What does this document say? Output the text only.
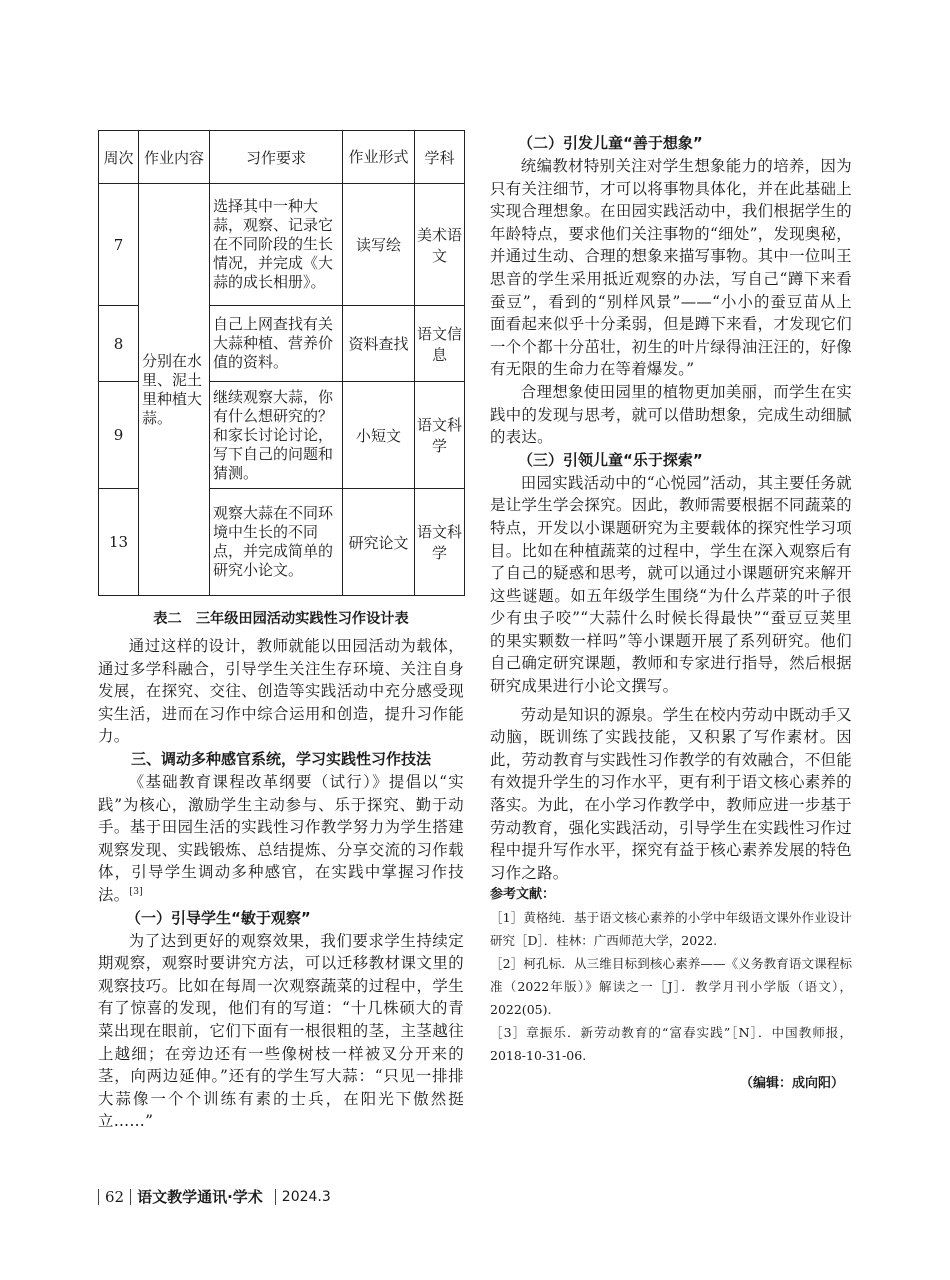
周次	作业内容	习作要求	作业形式	学科
7	分别在水里、泥土里种植大蒜。	选择其中一种大蒜，观察、记录它在不同阶段的生长情况，并完成《大蒜的成长相册》。	读写绘	美术语文
8		自己上网查找有关大蒜种植、营养价值的资料。	资料查找	语文信息
9		继续观察大蒜，你有什么想研究的？和家长讨论讨论，写下自己的问题和猜测。	小短文	语文科学
13		观察大蒜在不同环境中生长的不同点，并完成简单的研究小论文。	研究论文	语文科学
表二　三年级田园活动实践性习作设计表

通过这样的设计，教师就能以田园活动为载体，通过多学科融合，引导学生关注生存环境、关注自身发展，在探究、交往、创造等实践活动中充分感受现实生活，进而在习作中综合运用和创造，提升习作能力。

三、调动多种感官系统，学习实践性习作技法

《基础教育课程改革纲要（试行）》提倡以“实践”为核心，激励学生主动参与、乐于探究、勤于动手。基于田园生活的实践性习作教学努力为学生搭建观察发现、实践锻炼、总结提炼、分享交流的习作载体，引导学生调动多种感官，在实践中掌握习作技法。[3]

（一）引导学生“敏于观察”

为了达到更好的观察效果，我们要求学生持续定期观察，观察时要讲究方法，可以迁移教材课文里的观察技巧。比如在每周一次观察蔬菜的过程中，学生有了惊喜的发现，他们有的写道：“十几株硕大的青菜出现在眼前，它们下面有一根很粗的茎，主茎越往上越细；在旁边还有一些像树枝一样被叉分开来的茎，向两边延伸。”还有的学生写大蒜：“只见一排排大蒜像一个个训练有素的士兵，在阳光下傲然挺立……”

（二）引发儿童“善于想象”

统编教材特别关注对学生想象能力的培养，因为只有关注细节，才可以将事物具体化，并在此基础上实现合理想象。在田园实践活动中，我们根据学生的年龄特点，要求他们关注事物的“细处”，发现奥秘，并通过生动、合理的想象来描写事物。其中一位叫王思音的学生采用抵近观察的办法，写自己“蹲下来看蚕豆”，看到的“别样风景”——“小小的蚕豆苗从上面看起来似乎十分柔弱，但是蹲下来看，才发现它们一个个都十分茁壮，初生的叶片绿得油汪汪的，好像有无限的生命力在等着爆发。”

合理想象使田园里的植物更加美丽，而学生在实践中的发现与思考，就可以借助想象，完成生动细腻的表达。

（三）引领儿童“乐于探索”

田园实践活动中的“心悦园”活动，其主要任务就是让学生学会探究。因此，教师需要根据不同蔬菜的特点，开发以小课题研究为主要载体的探究性学习项目。比如在种植蔬菜的过程中，学生在深入观察后有了自己的疑惑和思考，就可以通过小课题研究来解开这些谜题。如五年级学生围绕“为什么芹菜的叶子很少有虫子咬”“大蒜什么时候长得最快”“蚕豆豆荚里的果实颗数一样吗”等小课题开展了系列研究。他们自己确定研究课题，教师和专家进行指导，然后根据研究成果进行小论文撰写。

劳动是知识的源泉。学生在校内劳动中既动手又动脑，既训练了实践技能，又积累了写作素材。因此，劳动教育与实践性习作教学的有效融合，不但能有效提升学生的习作水平，更有利于语文核心素养的落实。为此，在小学习作教学中，教师应进一步基于劳动教育，强化实践活动，引导学生在实践性习作过程中提升写作水平，探究有益于核心素养发展的特色习作之路。

参考文献：

［1］黄格纯．基于语文核心素养的小学中年级语文课外作业设计研究［D］．桂林：广西师范大学，2022.

［2］柯孔标．从三维目标到核心素养——《义务教育语文课程标准（2022年版）》解读之一［J］．教学月刊小学版（语文），2022(05).

［3］章振乐．新劳动教育的“富春实践”［N］．中国教师报，2018-10-31-06.

（编辑：成向阳）
62 语文教学通讯·学术 2024.3
